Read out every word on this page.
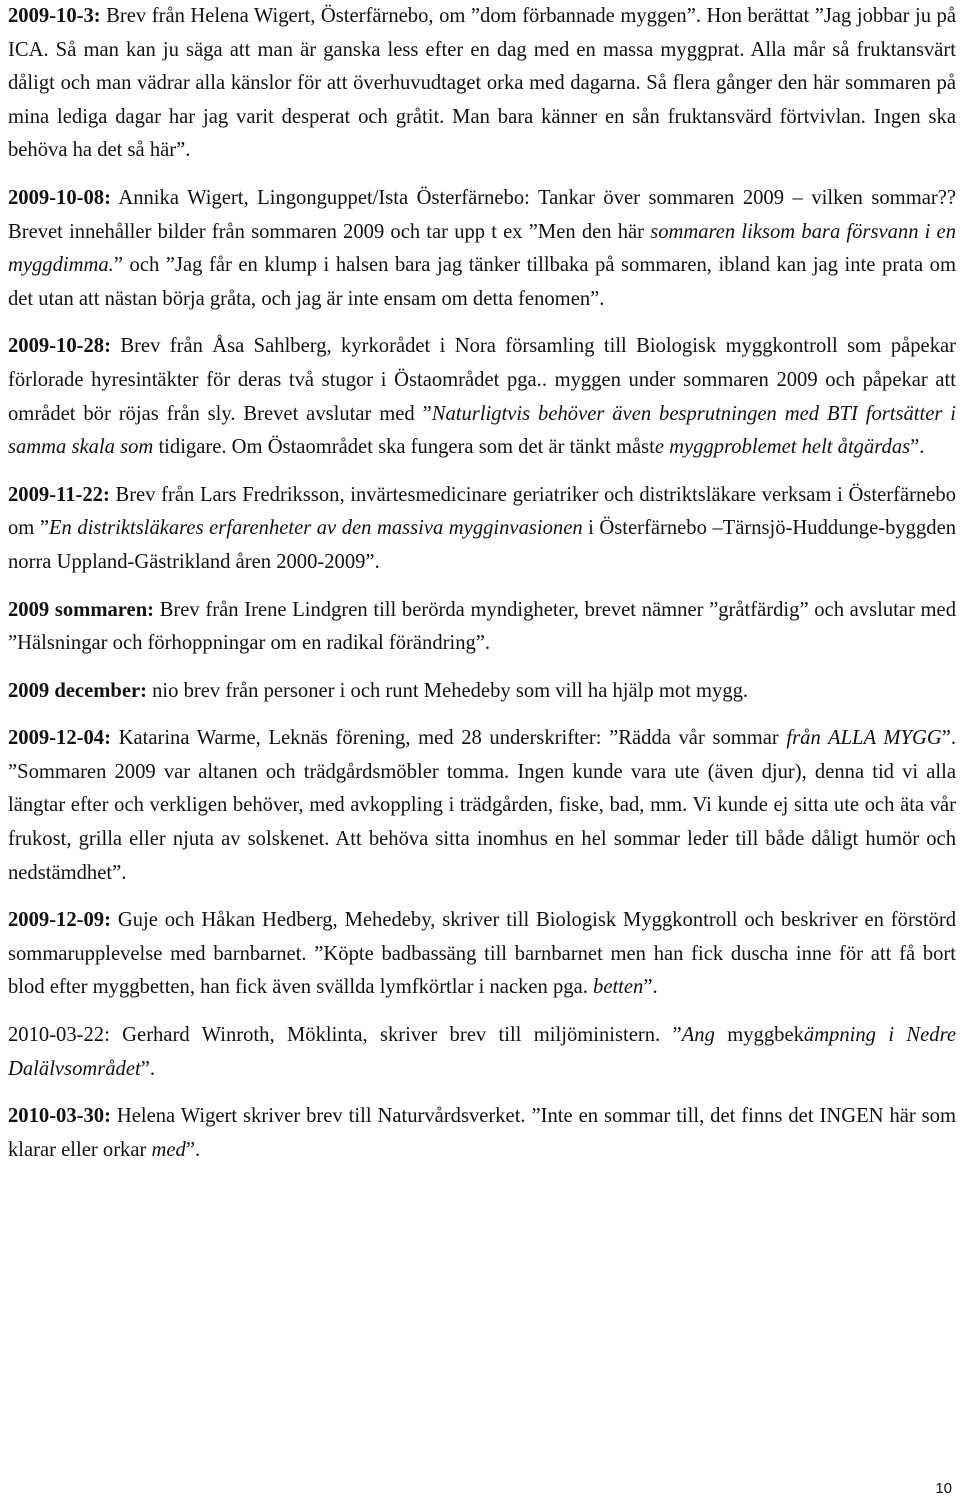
2009-10-3: Brev från Helena Wigert, Österfärnebo, om ”dom förbannade myggen”. Hon berättat ”Jag jobbar ju på ICA. Så man kan ju säga att man är ganska less efter en dag med en massa myggprat. Alla mår så fruktansvärt dåligt och man vädrar alla känslor för att överhuvudtaget orka med dagarna. Så flera gånger den här sommaren på mina lediga dagar har jag varit desperat och gråtit. Man bara känner en sån fruktansvärd förtvivlan. Ingen ska behöva ha det så här”.

2009-10-08: Annika Wigert, Lingonguppet/Ista Österfärnebo: Tankar över sommaren 2009 – vilken sommar?? Brevet innehåller bilder från sommaren 2009 och tar upp t ex ”Men den här sommaren liksom bara försvann i en myggdimma.” och ”Jag får en klump i halsen bara jag tänker tillbaka på sommaren, ibland kan jag inte prata om det utan att nästan börja gråta, och jag är inte ensam om detta fenomen”.

2009-10-28: Brev från Åsa Sahlberg, kyrkorådet i Nora församling till Biologisk myggkontroll som påpekar förlorade hyresintäkter för deras två stugor i Östaområdet pga.. myggen under sommaren 2009 och påpekar att området bör röjas från sly. Brevet avslutar med ”Naturligtvis behöver även besprutningen med BTI fortsätter i samma skala som tidigare. Om Östaområdet ska fungera som det är tänkt måste myggproblemet helt åtgärdas”.

2009-11-22: Brev från Lars Fredriksson, invärtesmedicinare geriatriker och distriktsläkare verksam i Österfärnebo om ”En distriktsläkares erfarenheter av den massiva mygginvasionen i Österfärnebo –Tärnsjö-Huddunge-byggden norra Uppland-Gästrikland åren 2000-2009”.

2009 sommaren: Brev från Irene Lindgren till berörda myndigheter, brevet nämner ”gråtfärdig” och avslutar med ”Hälsningar och förhoppningar om en radikal förändring”.

2009 december: nio brev från personer i och runt Mehedeby som vill ha hjälp mot mygg.

2009-12-04: Katarina Warme, Leknäs förening, med 28 underskrifter: ”Rädda vår sommar från ALLA MYGG”. ”Sommaren 2009 var altanen och trädgårdsmöbler tomma. Ingen kunde vara ute (även djur), denna tid vi alla längtar efter och verkligen behöver, med avkoppling i trädgården, fiske, bad, mm. Vi kunde ej sitta ute och äta vår frukost, grilla eller njuta av solskenet. Att behöva sitta inomhus en hel sommar leder till både dåligt humör och nedstämdhet”.

2009-12-09: Guje och Håkan Hedberg, Mehedeby, skriver till Biologisk Myggkontroll och beskriver en förstörd sommarupplevelse med barnbarnet. ”Köpte badbassäng till barnbarnet men han fick duscha inne för att få bort blod efter myggbetten, han fick även svällda lymfkörtlar i nacken pga. betten”.

2010-03-22: Gerhard Winroth, Möklinta, skriver brev till miljöministern. ”Ang myggbekämpning i Nedre Dalälvsområdet”.

2010-03-30: Helena Wigert skriver brev till Naturvårdsverket. ”Inte en sommar till, det finns det INGEN här som klarar eller orkar med”.

10
